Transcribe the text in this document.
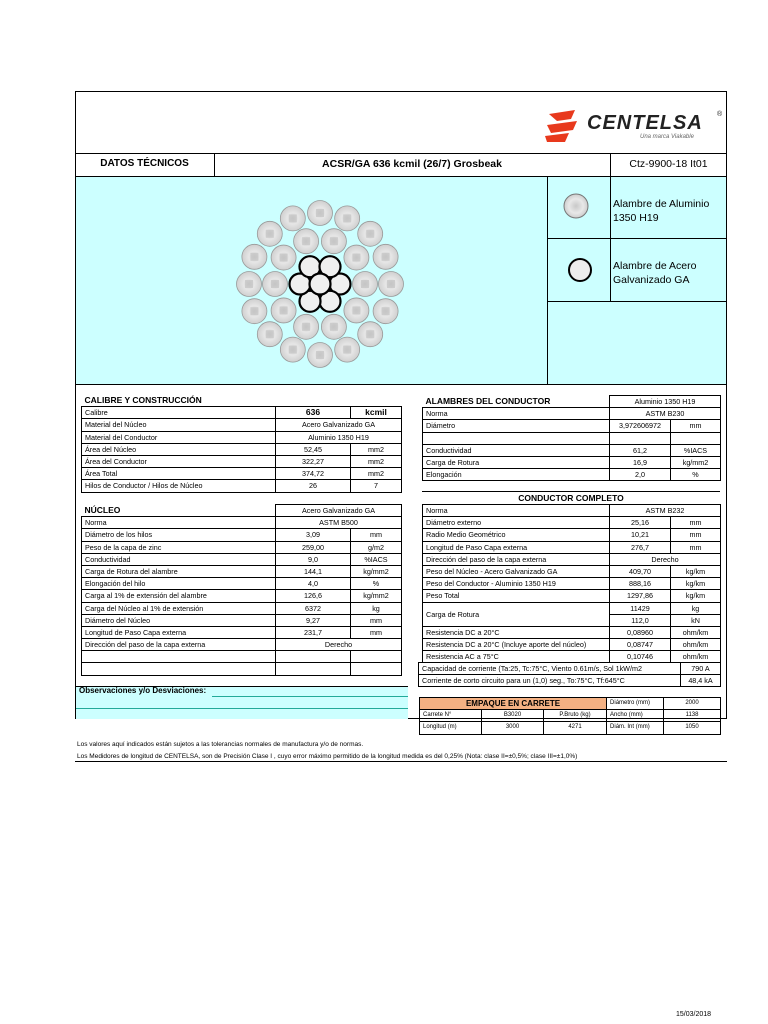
CENTELSA ®
Una marca Viakable
DATOS TÉCNICOS	ACSR/GA 636 kcmil (26/7) Grosbeak	Ctz-9900-18 It01
Alambre de Aluminio 1350 H19
Alambre de Acero Galvanizado GA
CALIBRE Y CONSTRUCCIÓN		
Calibre	636	kcmil
Material del Núcleo	Acero Galvanizado GA	
Material del Conductor	Aluminio 1350 H19	
Área del Núcleo	52,45	mm2
Área del Conductor	322,27	mm2
Área Total	374,72	mm2
Hilos de Conductor / Hilos de Núcleo	26	7
ALAMBRES DEL CONDUCTOR	Aluminio 1350 H19	
Norma	ASTM B230	
Diámetro	3,972606972	mm

Conductividad	61,2	%IACS
Carga de Rotura	16,9	kg/mm2
Elongación	2,0	%
CONDUCTOR COMPLETO
NÚCLEO	Acero Galvanizado GA	
Norma	ASTM B500	
Diámetro de los hilos	3,09	mm
Peso de la capa de zinc	259,00	g/m2
Conductividad	9,0	%IACS
Carga de Rotura del alambre	144,1	kg/mm2
Elongación del hilo	4,0	%
Carga al 1% de extensión del alambre	126,6	kg/mm2
Carga del Núcleo al 1% de extensión	6372	kg
Diámetro del Núcleo	9,27	mm
Longitud de Paso Capa externa	231,7	mm
Dirección del paso de la capa externa	Derecho	

Norma	ASTM B232	
Diámetro externo	25,16	mm
Radio Medio Geométrico	10,21	mm
Longitud de Paso Capa externa	276,7	mm
Dirección del paso de la capa externa	Derecho	
Peso del Núcleo - Acero Galvanizado GA	409,70	kg/km
Peso del Conductor - Aluminio 1350 H19	888,16	kg/km
Peso Total	1297,86	kg/km
Carga de Rotura	11429	kg
	112,0	kN
Resistencia DC a 20°C	0,08960	ohm/km
Resistencia DC a 20°C (Incluye aporte del núcleo)	0,08747	ohm/km
Resistencia AC a 75°C	0,10746	ohm/km
Capacidad de corriente (Ta:25, Tc:75°C, Viento 0.61m/s, Sol 1kW/m2	790 A
Corriente de corto circuito para un (1,0) seg., To:75°C, Tf:645°C	48,4 kA
Observaciones y/o Desviaciones:
EMPAQUE EN CARRETE			Diámetro (mm)	2000
Carrete N°	B3020	P.Bruto (kg)	Ancho (mm)	1138
Longitud (m)	3000	4271	Diám. Int (mm)	1050
Los valores aquí indicados están sujetos a las tolerancias normales de manufactura y/o de normas.
Los Medidores de longitud de CENTELSA, son de Precisión Clase I , cuyo error máximo permitido de la longitud medida es del 0,25% (Nota: clase II=±0,5%; clase III=±1,0%)
15/03/2018
